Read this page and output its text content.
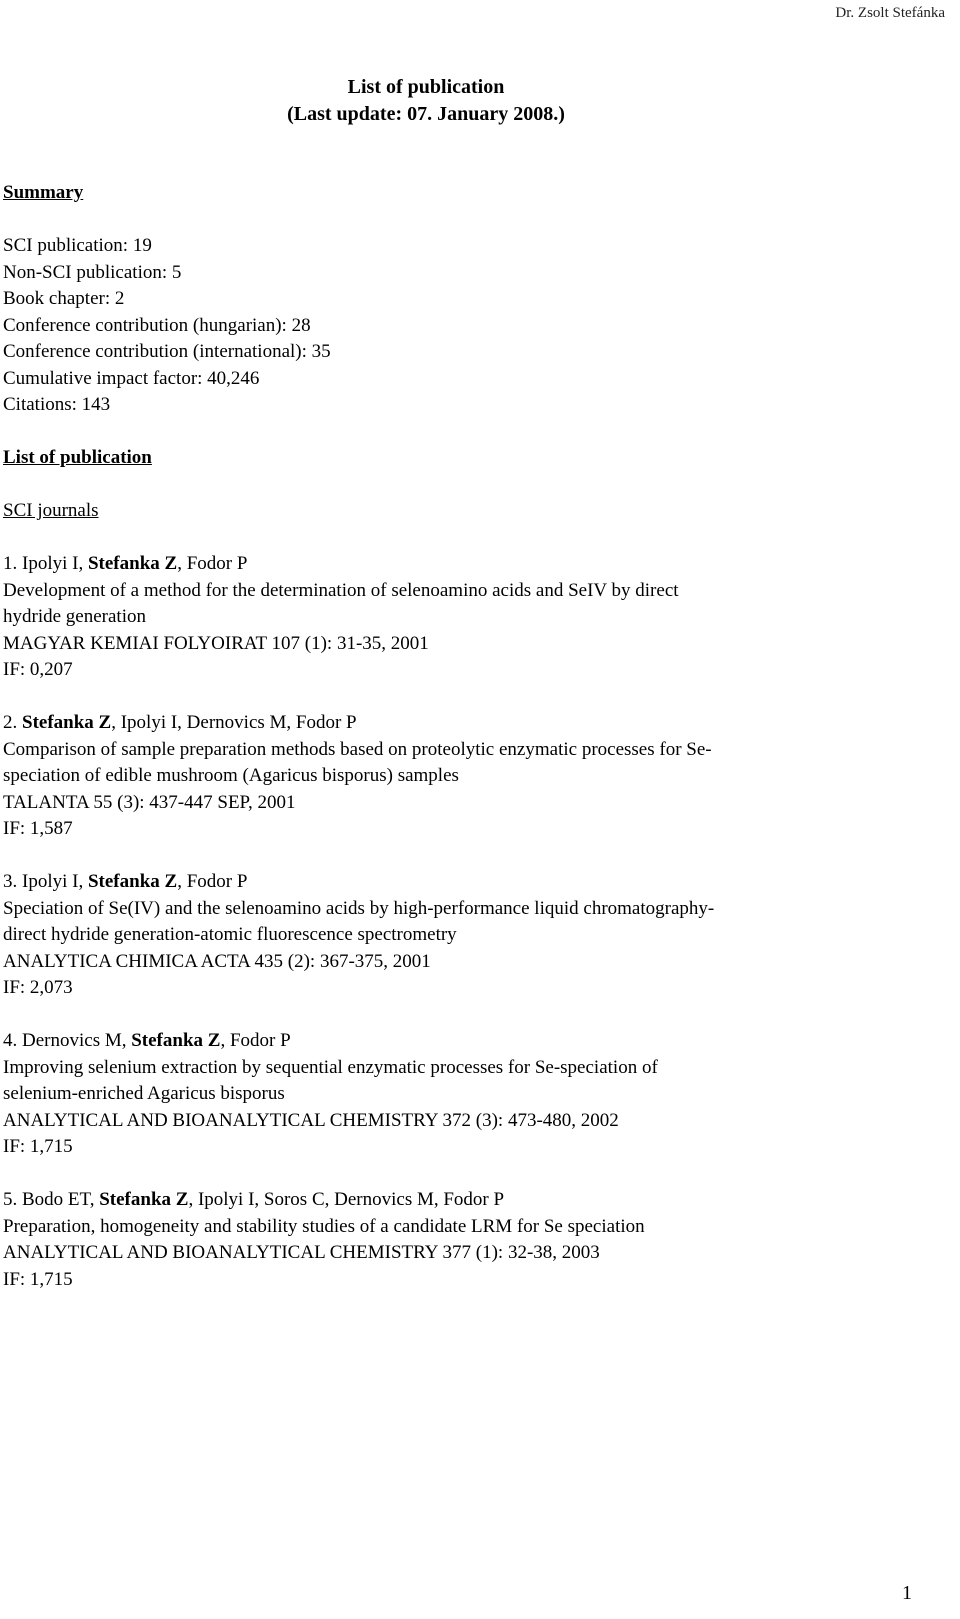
Dr. Zsolt Stefánka
List of publication
(Last update: 07. January 2008.)
Summary
SCI publication: 19
Non-SCI publication: 5
Book chapter: 2
Conference contribution (hungarian): 28
Conference contribution (international): 35
Cumulative impact factor: 40,246
Citations: 143
List of publication
SCI journals
1. Ipolyi I, Stefanka Z, Fodor P
Development of a method for the determination of selenoamino acids and SeIV by direct
hydride generation
MAGYAR KEMIAI FOLYOIRAT 107 (1): 31-35, 2001
IF: 0,207
2. Stefanka Z, Ipolyi I, Dernovics M, Fodor P
Comparison of sample preparation methods based on proteolytic enzymatic processes for Se-
speciation of edible mushroom (Agaricus bisporus) samples
TALANTA 55 (3): 437-447 SEP, 2001
IF: 1,587
3. Ipolyi I, Stefanka Z, Fodor P
Speciation of Se(IV) and the selenoamino acids by high-performance liquid chromatography-
direct hydride generation-atomic fluorescence spectrometry
ANALYTICA CHIMICA ACTA 435 (2): 367-375, 2001
IF: 2,073
4. Dernovics M, Stefanka Z, Fodor P
Improving selenium extraction by sequential enzymatic processes for Se-speciation of
selenium-enriched Agaricus bisporus
ANALYTICAL AND BIOANALYTICAL CHEMISTRY 372 (3): 473-480, 2002
IF: 1,715
5. Bodo ET, Stefanka Z, Ipolyi I, Soros C, Dernovics M, Fodor P
Preparation, homogeneity and stability studies of a candidate LRM for Se speciation
ANALYTICAL AND BIOANALYTICAL CHEMISTRY 377 (1): 32-38, 2003
IF: 1,715
1
